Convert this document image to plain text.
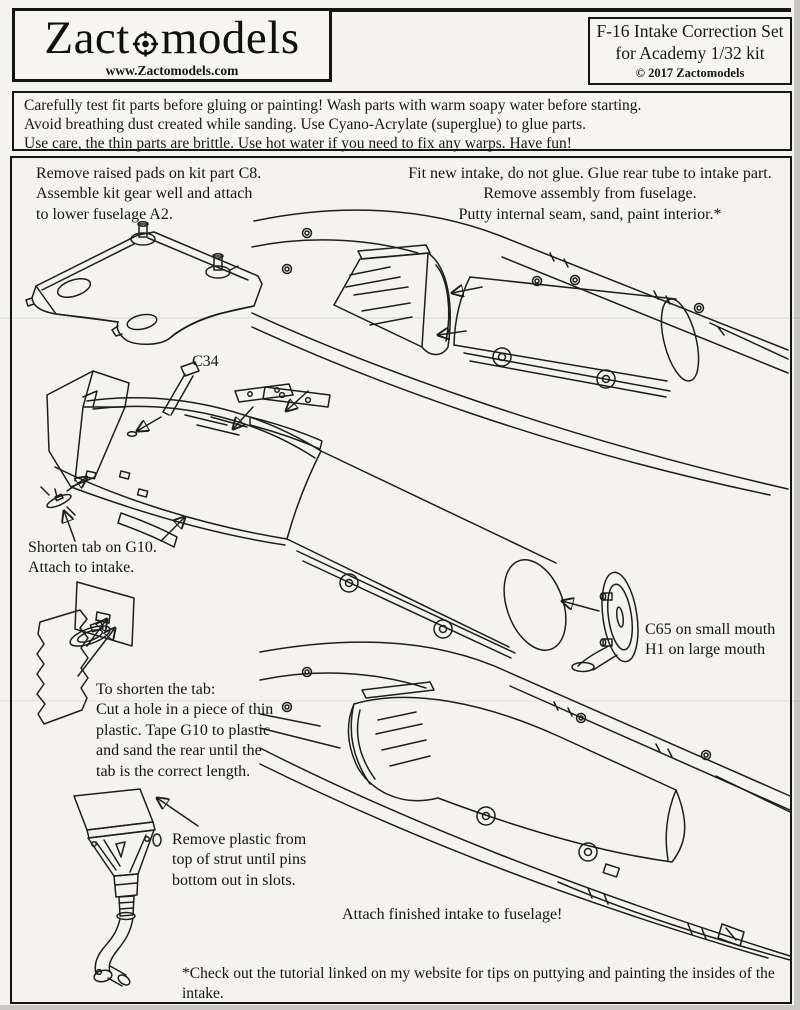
Zact models
www.Zactomodels.com
F-16 Intake Correction Set
for Academy 1/32 kit
© 2017 Zactomodels
Carefully test fit parts before gluing or painting! Wash parts with warm soapy water before starting.
Avoid breathing dust created while sanding. Use Cyano-Acrylate (superglue) to glue parts.
Use care, the thin parts are brittle. Use hot water if you need to fix any warps. Have fun!
Remove raised pads on kit part C8.
Assemble kit gear well and attach
to lower fuselage A2.
Fit new intake, do not glue. Glue rear tube to intake part.
Remove assembly from fuselage.
Putty internal seam, sand, paint interior.*
C34
Shorten tab on G10.
Attach to intake.
C65 on small mouth
H1 on large mouth
To shorten the tab:
Cut a hole in a piece of thin
plastic. Tape G10 to plastic
and sand the rear until the
tab is the correct length.
Remove plastic from
top of strut until pins
bottom out in slots.
Attach finished intake to fuselage!
*Check out the tutorial linked on my website for tips on puttying and painting the insides of the intake.
